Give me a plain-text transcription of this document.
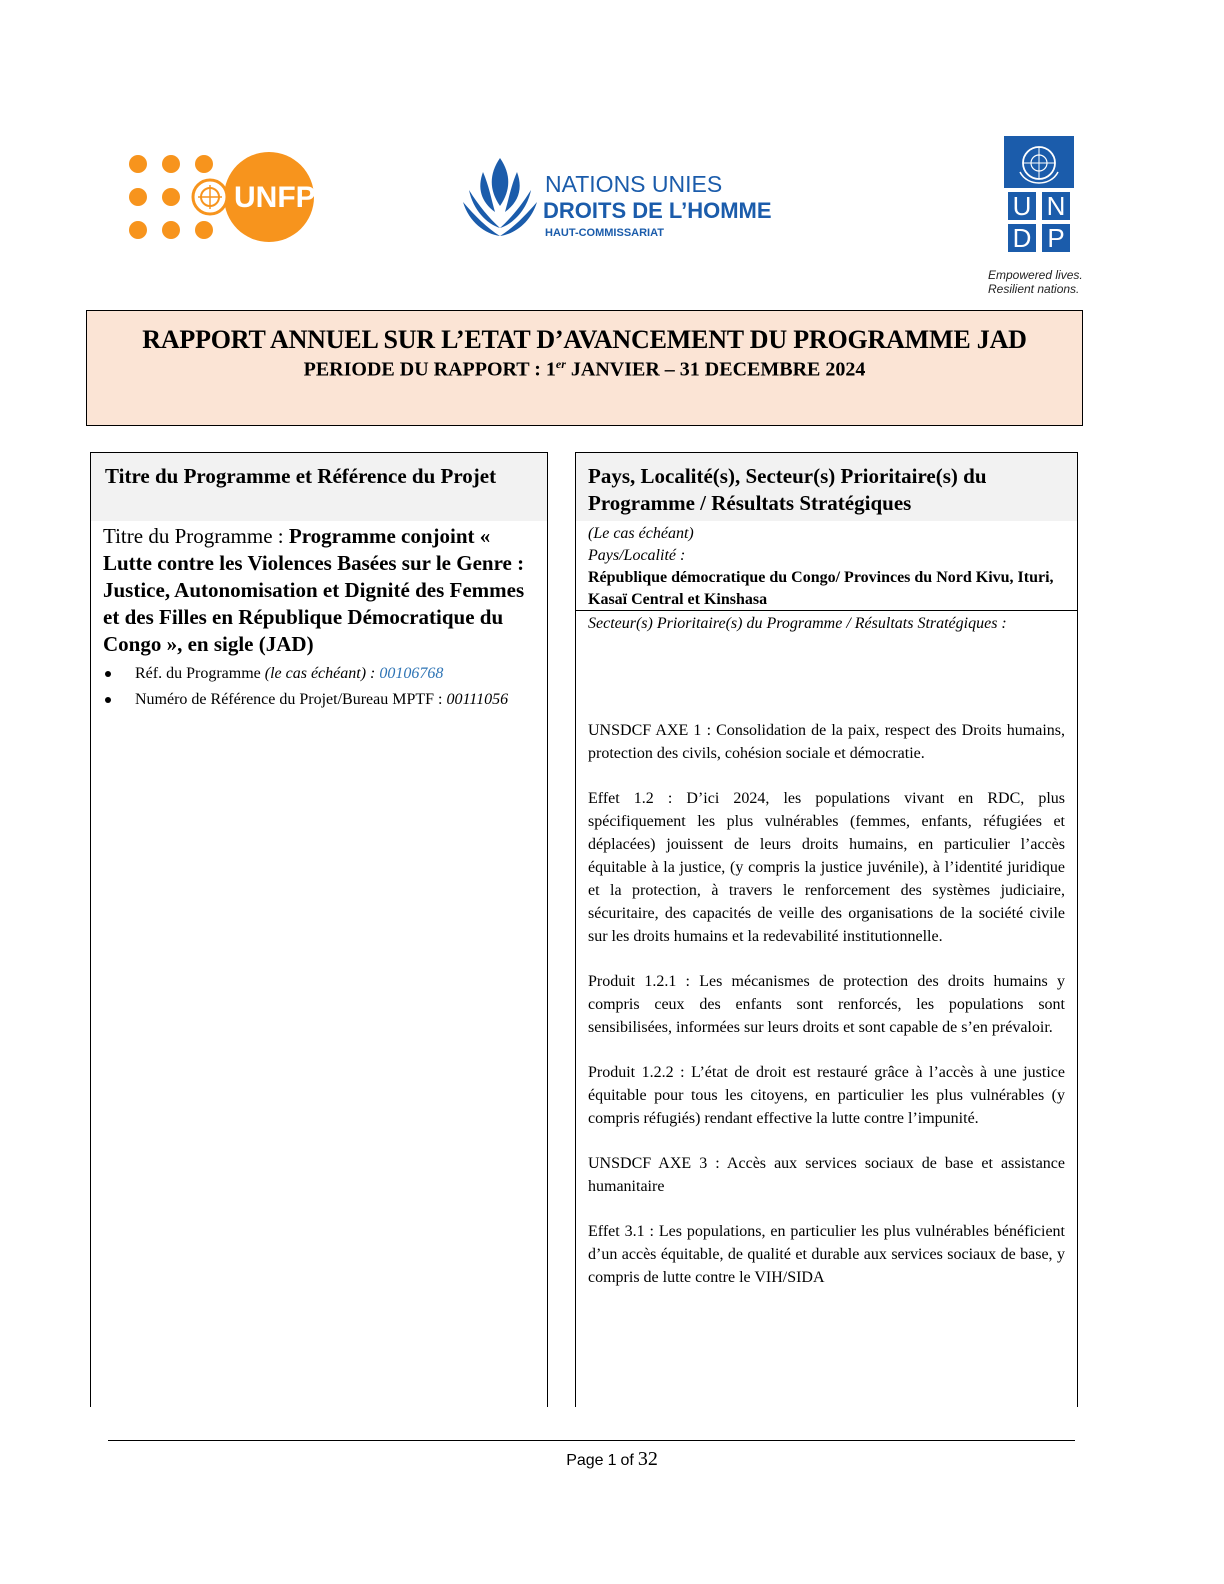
UNFPA	NATIONS UNIES
DROITS DE L’HOMME
HAUT-COMMISSARIAT
U N
D P
Empowered lives.
Resilient nations.
RAPPORT ANNUEL SUR L’ETAT D’AVANCEMENT DU PROGRAMME JAD
PERIODE DU RAPPORT : 1er JANVIER – 31 DECEMBRE 2024
Titre du Programme et Référence du Projet
Titre du Programme : Programme conjoint « Lutte contre les Violences Basées sur le Genre : Justice, Autonomisation et Dignité des Femmes et des Filles en République Démocratique du Congo », en sigle (JAD)
Réf. du Programme (le cas échéant) : 00106768
Numéro de Référence du Projet/Bureau MPTF : 00111056
Pays, Localité(s), Secteur(s) Prioritaire(s) du Programme / Résultats Stratégiques
(Le cas échéant)
Pays/Localité :
République démocratique du Congo/ Provinces du Nord Kivu, Ituri, Kasaï Central et Kinshasa
Secteur(s) Prioritaire(s) du Programme / Résultats Stratégiques :

UNSDCF AXE 1 : Consolidation de la paix, respect des Droits humains, protection des civils, cohésion sociale et démocratie.

Effet 1.2 : D’ici 2024, les populations vivant en RDC, plus spécifiquement les plus vulnérables (femmes, enfants, réfugiées et déplacées) jouissent de leurs droits humains, en particulier l’accès équitable à la justice, (y compris la justice juvénile), à l’identité juridique et la protection, à travers le renforcement des systèmes judiciaire, sécuritaire, des capacités de veille des organisations de la société civile sur les droits humains et la redevabilité institutionnelle.

Produit 1.2.1 : Les mécanismes de protection des droits humains y compris ceux des enfants sont renforcés, les populations sont sensibilisées, informées sur leurs droits et sont capable de s’en prévaloir.

Produit 1.2.2 : L’état de droit est restauré grâce à l’accès à une justice équitable pour tous les citoyens, en particulier les plus vulnérables (y compris réfugiés) rendant effective la lutte contre l’impunité.

UNSDCF AXE 3 : Accès aux services sociaux de base et assistance humanitaire

Effet 3.1 : Les populations, en particulier les plus vulnérables bénéficient d’un accès équitable, de qualité et durable aux services sociaux de base, y compris de lutte contre le VIH/SIDA

Page 1 of 32
